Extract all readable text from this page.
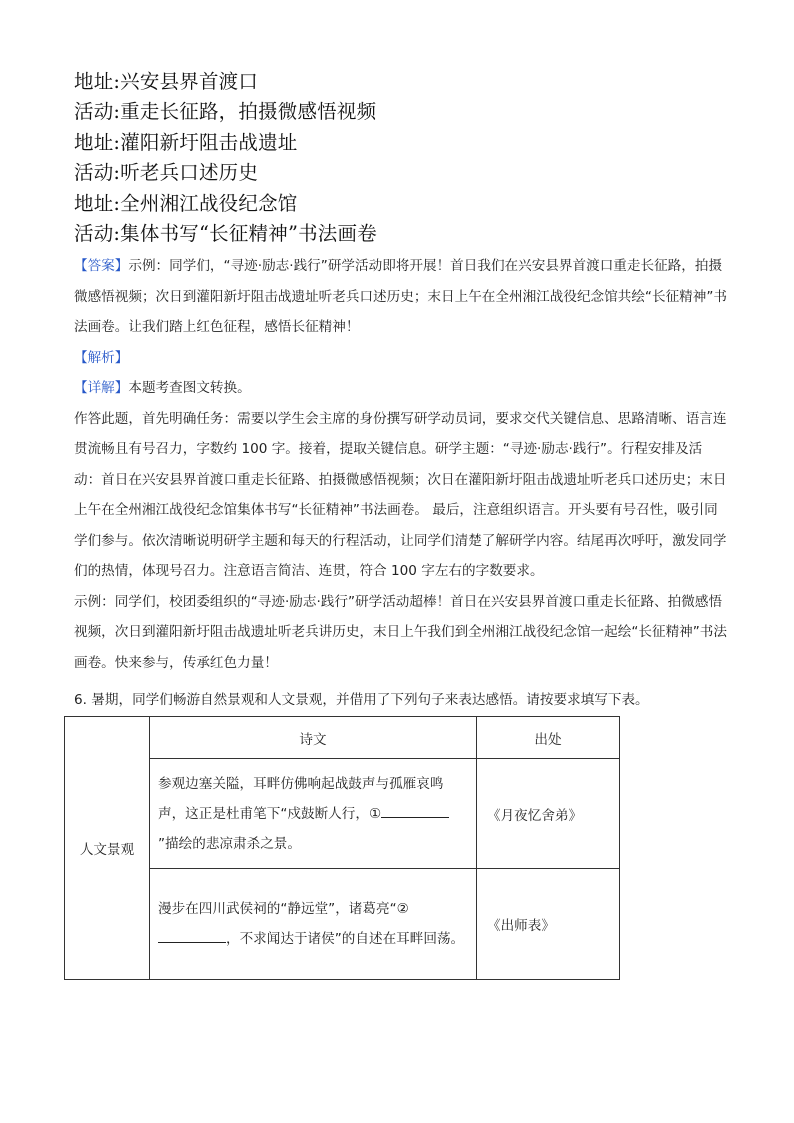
地址:兴安县界首渡口
活动:重走长征路，拍摄微感悟视频
地址:灌阳新圩阻击战遗址
活动:听老兵口述历史
地址:全州湘江战役纪念馆
活动:集体书写“长征精神”书法画卷

【答案】示例：同学们，“寻迹·励志·践行”研学活动即将开展！首日我们在兴安县界首渡口重走长征路，拍摄微感悟视频；次日到灌阳新圩阻击战遗址听老兵口述历史；末日上午在全州湘江战役纪念馆共绘“长征精神”书法画卷。让我们踏上红色征程，感悟长征精神！

【解析】

【详解】本题考查图文转换。

作答此题，首先明确任务：需要以学生会主席的身份撰写研学动员词，要求交代关键信息、思路清晰、语言连贯流畅且有号召力，字数约 100 字。接着，提取关键信息。研学主题：“寻迹·励志·践行”。行程安排及活动：首日在兴安县界首渡口重走长征路、拍摄微感悟视频；次日在灌阳新圩阻击战遗址听老兵口述历史；末日上午在全州湘江战役纪念馆集体书写“长征精神”书法画卷。 最后，注意组织语言。开头要有号召性，吸引同学们参与。依次清晰说明研学主题和每天的行程活动，让同学们清楚了解研学内容。结尾再次呼吁，激发同学们的热情，体现号召力。注意语言简洁、连贯，符合 100 字左右的字数要求。

示例：同学们，校团委组织的“寻迹·励志·践行”研学活动超棒！首日在兴安县界首渡口重走长征路、拍微感悟视频，次日到灌阳新圩阻击战遗址听老兵讲历史，末日上午我们到全州湘江战役纪念馆一起绘“长征精神”书法画卷。快来参与，传承红色力量！

6. 暑期，同学们畅游自然景观和人文景观，并借用了下列句子来表达感悟。请按要求填写下表。
人文景观	诗文	出处

	参观边塞关隘，耳畔仿佛响起战鼓声与孤雁哀鸣声，这正是杜甫笔下“戍鼓断人行，①”描绘的悲凉肃杀之景。	《月夜忆舍弟》

	漫步在四川武侯祠的“静远堂”，诸葛亮“②，不求闻达于诸侯”的自述在耳畔回荡。	《出师表》
